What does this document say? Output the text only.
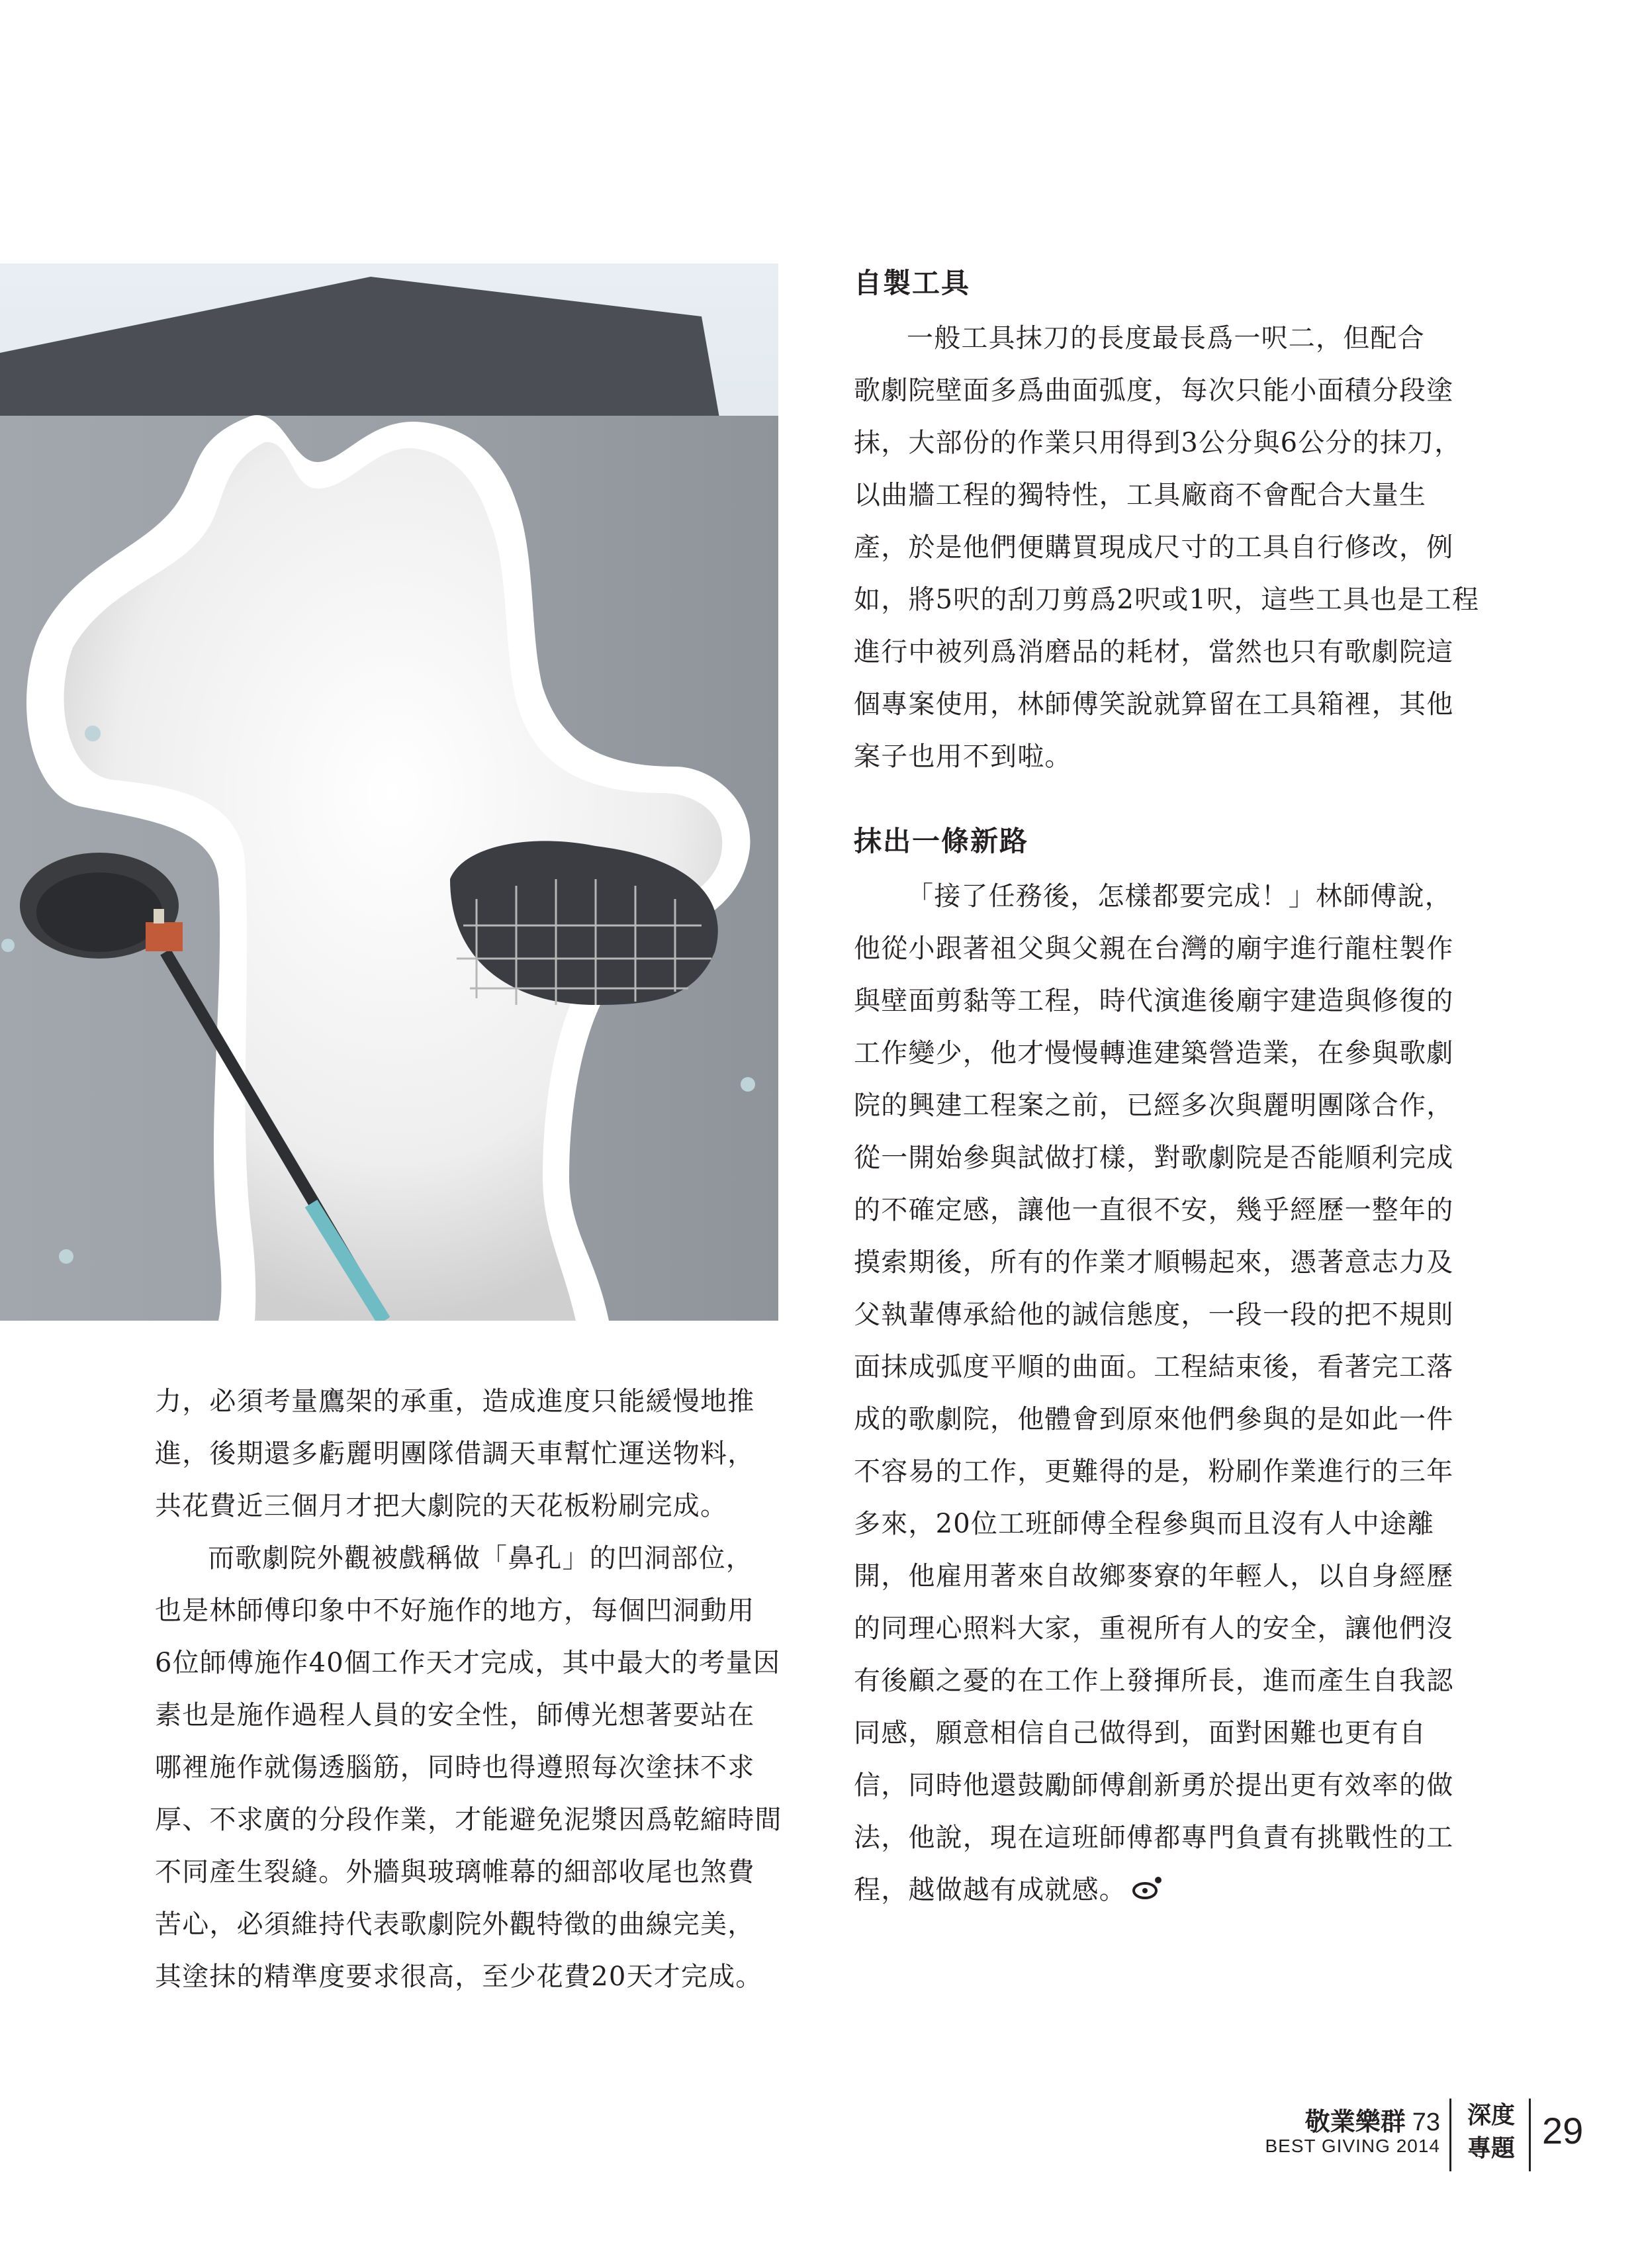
力，必須考量鷹架的承重，造成進度只能緩慢地推
進，後期還多虧麗明團隊借調天車幫忙運送物料，
共花費近三個月才把大劇院的天花板粉刷完成。

而歌劇院外觀被戲稱做「鼻孔」的凹洞部位，
也是林師傅印象中不好施作的地方，每個凹洞動用
6位師傅施作40個工作天才完成，其中最大的考量因
素也是施作過程人員的安全性，師傅光想著要站在
哪裡施作就傷透腦筋，同時也得遵照每次塗抹不求
厚、不求廣的分段作業，才能避免泥漿因爲乾縮時間
不同產生裂縫。外牆與玻璃帷幕的細部收尾也煞費
苦心，必須維持代表歌劇院外觀特徵的曲線完美，
其塗抹的精準度要求很高，至少花費20天才完成。

自製工具

一般工具抹刀的長度最長爲一呎二，但配合
歌劇院壁面多爲曲面弧度，每次只能小面積分段塗
抹，大部份的作業只用得到3公分與6公分的抹刀，
以曲牆工程的獨特性，工具廠商不會配合大量生
產，於是他們便購買現成尺寸的工具自行修改，例
如，將5呎的刮刀剪爲2呎或1呎，這些工具也是工程
進行中被列爲消磨品的耗材，當然也只有歌劇院這
個專案使用，林師傅笑說就算留在工具箱裡，其他
案子也用不到啦。

抹出一條新路

「接了任務後，怎樣都要完成！」林師傅說，
他從小跟著祖父與父親在台灣的廟宇進行龍柱製作
與壁面剪黏等工程，時代演進後廟宇建造與修復的
工作變少，他才慢慢轉進建築營造業，在參與歌劇
院的興建工程案之前，已經多次與麗明團隊合作，
從一開始參與試做打樣，對歌劇院是否能順利完成
的不確定感，讓他一直很不安，幾乎經歷一整年的
摸索期後，所有的作業才順暢起來，憑著意志力及
父執輩傳承給他的誠信態度，一段一段的把不規則
面抹成弧度平順的曲面。工程結束後，看著完工落
成的歌劇院，他體會到原來他們參與的是如此一件
不容易的工作，更難得的是，粉刷作業進行的三年
多來，20位工班師傅全程參與而且沒有人中途離
開，他雇用著來自故鄉麥寮的年輕人，以自身經歷
的同理心照料大家，重視所有人的安全，讓他們沒
有後顧之憂的在工作上發揮所長，進而產生自我認
同感，願意相信自己做得到，面對困難也更有自
信，同時他還鼓勵師傅創新勇於提出更有效率的做
法，他說，現在這班師傅都專門負責有挑戰性的工
程，越做越有成就感。

敬業樂群 73
BEST GIVING 2014
深度
專題 29
